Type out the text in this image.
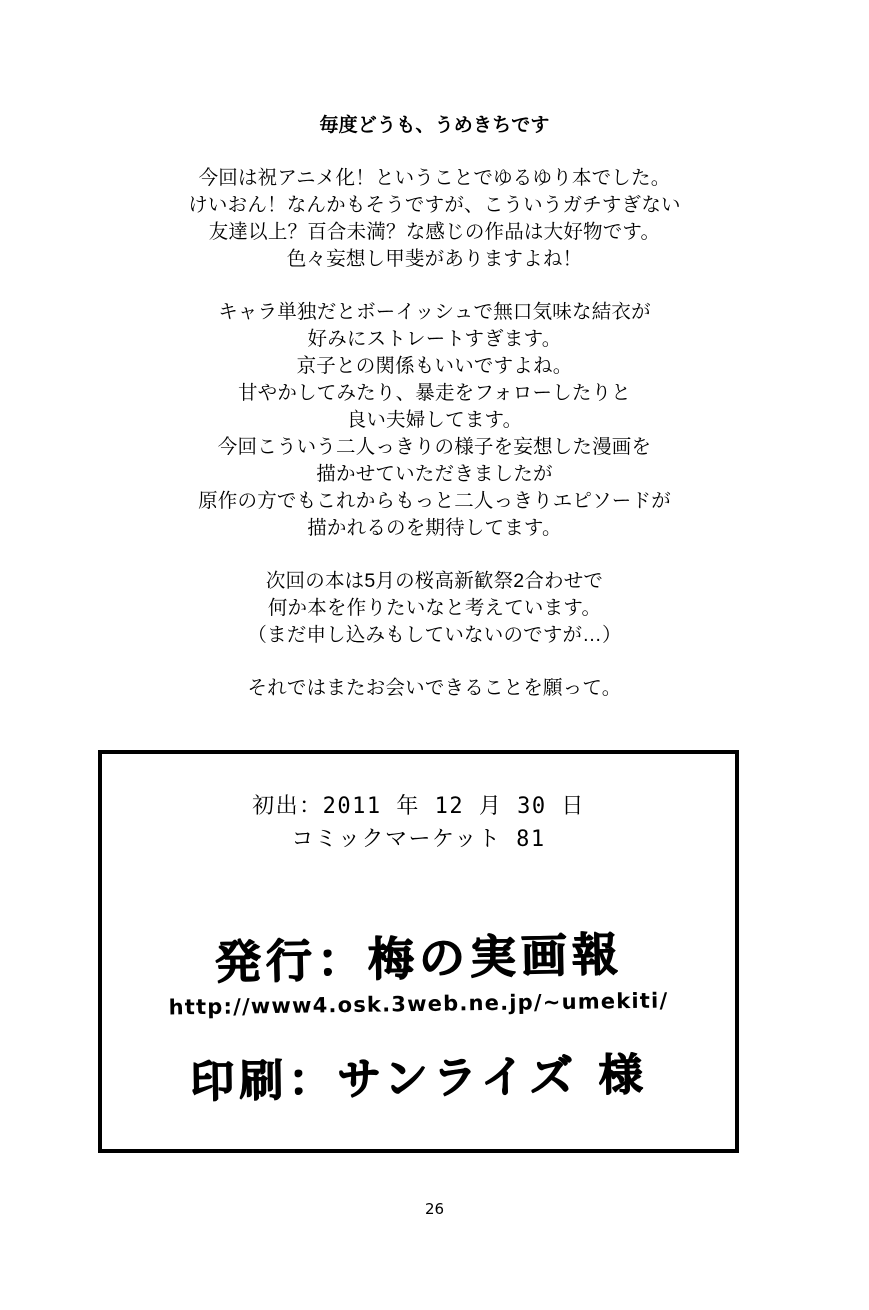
毎度どうも、うめきちです
今回は祝アニメ化！ということでゆるゆり本でした。
けいおん！なんかもそうですが、こういうガチすぎない
友達以上？百合未満？な感じの作品は大好物です。
色々妄想し甲斐がありますよね！
キャラ単独だとボーイッシュで無口気味な結衣が
好みにストレートすぎます。
京子との関係もいいですよね。
甘やかしてみたり、暴走をフォローしたりと
良い夫婦してます。
今回こういう二人っきりの様子を妄想した漫画を
描かせていただきましたが
原作の方でもこれからもっと二人っきりエピソードが
描かれるのを期待してます。
次回の本は5月の桜高新歓祭2合わせで
何か本を作りたいなと考えています。
（まだ申し込みもしていないのですが…）
それではまたお会いできることを願って。
初出：2011 年 12 月 30 日
コミックマーケット 81
発行：梅の実画報
http://www4.osk.3web.ne.jp/~umekiti/
印刷：サンライズ 様
26
